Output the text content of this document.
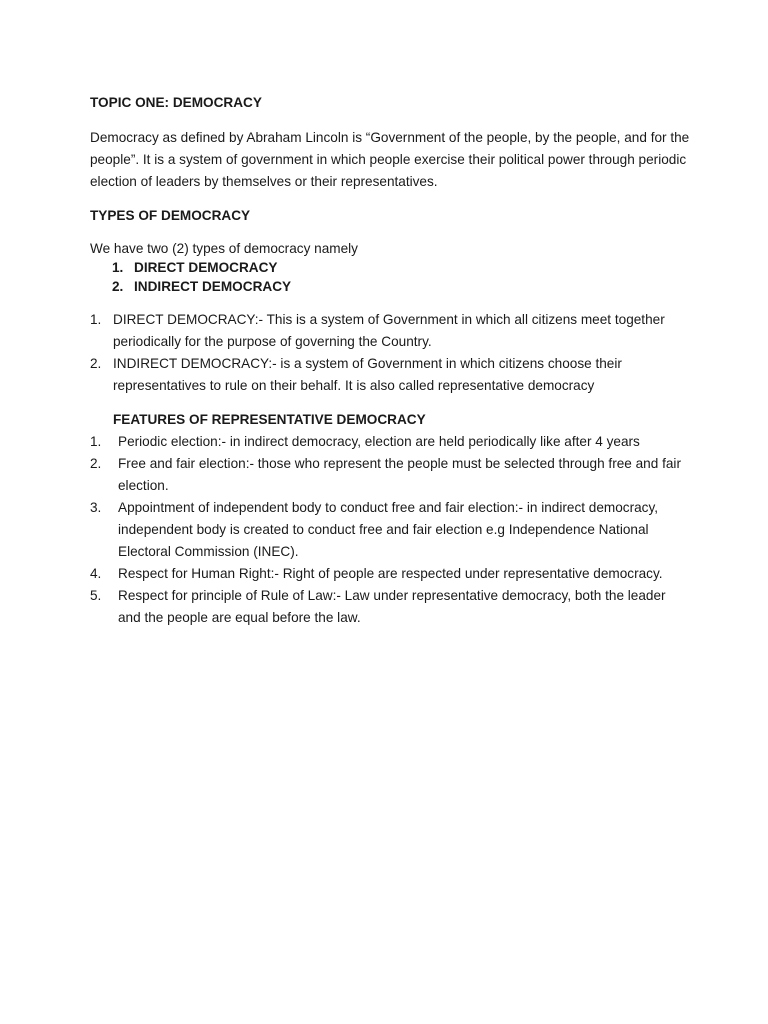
TOPIC ONE: DEMOCRACY

Democracy as defined by Abraham Lincoln is “Government of the people, by the people, and for the people”. It is a system of government in which people exercise their political power through periodic election of leaders by themselves or their representatives.

TYPES OF DEMOCRACY

We have two (2) types of democracy namely

1. DIRECT DEMOCRACY
2. INDIRECT DEMOCRACY
1. DIRECT DEMOCRACY:- This is a system of Government in which all citizens meet together periodically for the purpose of governing the Country.
2. INDIRECT DEMOCRACY:- is a system of Government in which citizens choose their representatives to rule on their behalf. It is also called representative democracy

FEATURES OF REPRESENTATIVE DEMOCRACY

1.	Periodic election:- in indirect democracy, election are held periodically like after 4 years
2.	Free and fair election:- those who represent the people must be selected through free and fair election.
3.	Appointment of independent body to conduct free and fair election:- in indirect democracy, independent body is created to conduct free and fair election e.g Independence National Electoral Commission (INEC).
4.	Respect for Human Right:- Right of people are respected under representative democracy.
5.	Respect for principle of Rule of Law:- Law under representative democracy, both the leader and the people are equal before the law.
